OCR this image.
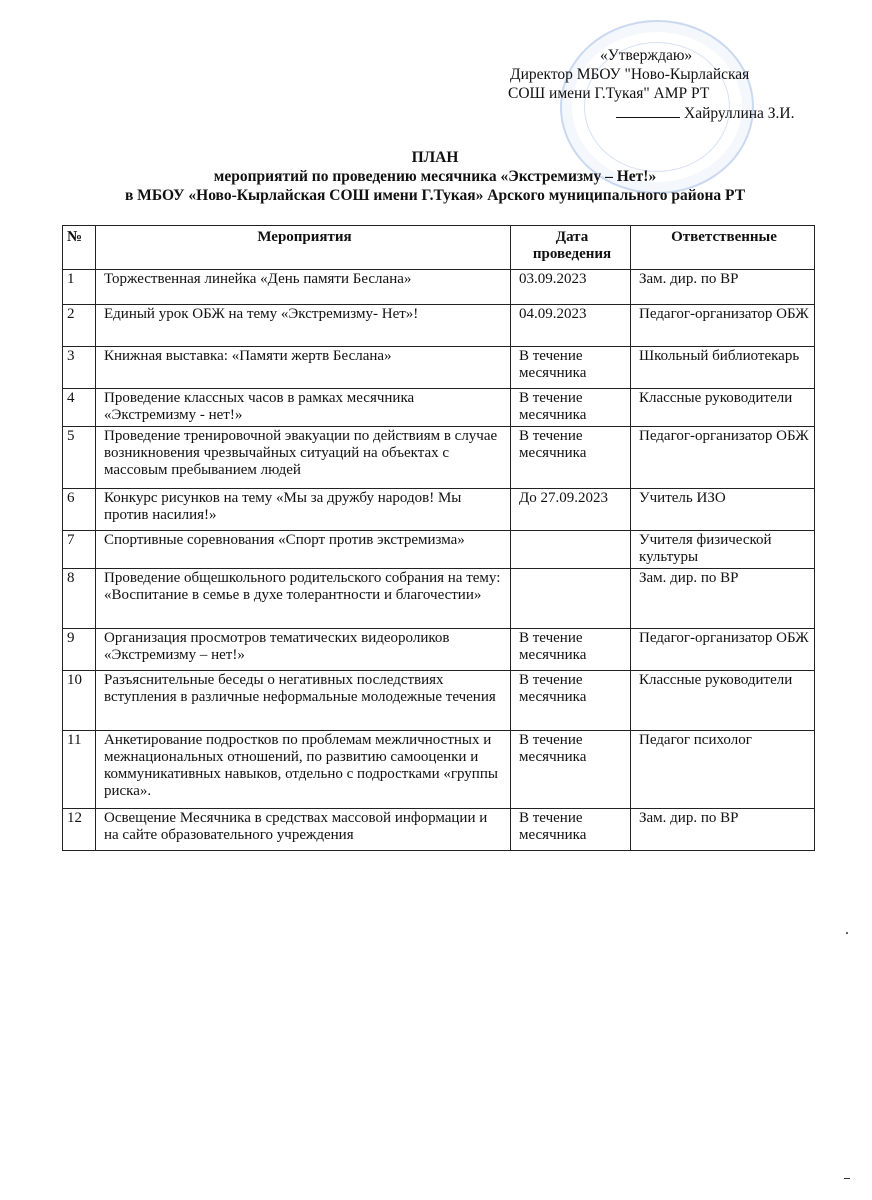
«Утверждаю»
Директор МБОУ "Ново-Кырлайская
СОШ имени Г.Тукая" АМР РТ
Хайруллина З.И.
ПЛАН
мероприятий по проведению месячника «Экстремизму – Нет!»
в МБОУ «Ново-Кырлайская СОШ имени Г.Тукая» Арского муниципального района РТ
№	Мероприятия	Дата проведения	Ответственные
1	Торжественная линейка «День памяти Беслана»	03.09.2023	Зам. дир. по ВР
2	Единый урок ОБЖ на тему «Экстремизму- Нет»!	04.09.2023	Педагог-организатор ОБЖ
3	Книжная выставка: «Памяти жертв Беслана»	В течение месячника	Школьный библиотекарь
4	Проведение классных часов в рамках месячника «Экстремизму - нет!»	В течение месячника	Классные руководители
5	Проведение тренировочной эвакуации по действиям в случае возникновения чрезвычайных ситуаций на объектах с массовым пребыванием людей	В течение месячника	Педагог-организатор ОБЖ
6	Конкурс рисунков на тему «Мы за дружбу народов! Мы против насилия!»	До 27.09.2023	Учитель ИЗО
7	Спортивные соревнования «Спорт против экстремизма»		Учителя физической культуры
8	Проведение общешкольного родительского собрания на тему: «Воспитание в семье в духе толерантности и благочестии»		Зам. дир. по ВР
9	Организация просмотров тематических видеороликов «Экстремизму – нет!»	В течение месячника	Педагог-организатор ОБЖ
10	Разъяснительные беседы о негативных последствиях вступления в различные неформальные молодежные течения	В течение месячника	Классные руководители
11	Анкетирование подростков по проблемам межличностных и межнациональных отношений, по развитию самооценки и коммуникативных навыков, отдельно с подростками «группы риска».	В течение месячника	Педагог психолог
12	Освещение Месячника в средствах массовой информации и на сайте образовательного учреждения	В течение месячника	Зам. дир. по ВР
